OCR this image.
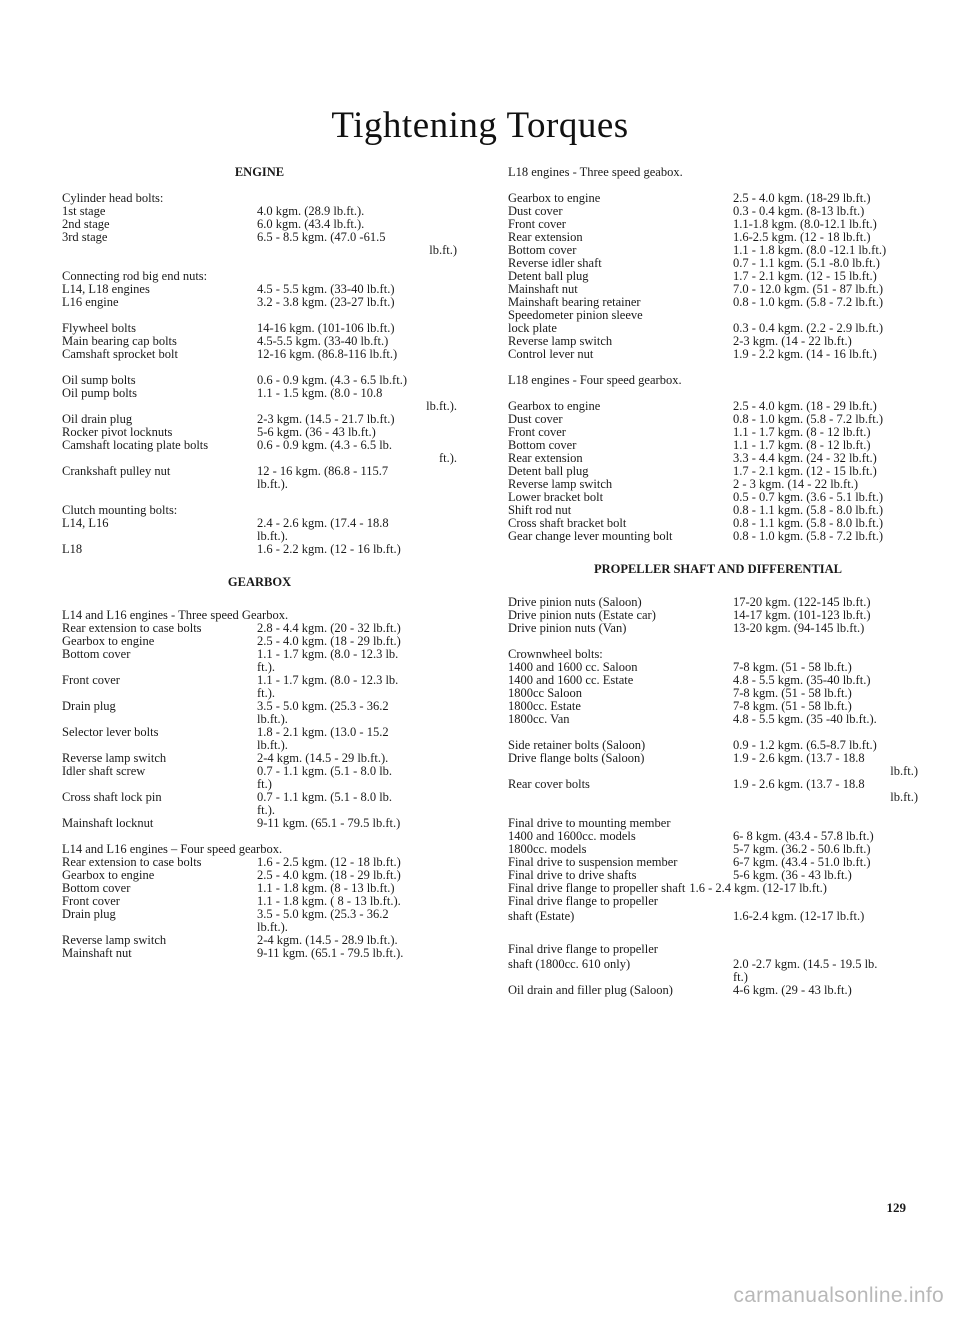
Tightening Torques
ENGINE
Cylinder head bolts:
1st stage	4.0 kgm. (28.9 lb.ft.).
2nd stage	6.0 kgm. (43.4 lb.ft.).
3rd stage	6.5 - 8.5 kgm. (47.0 -61.5
lb.ft.)
Connecting rod big end nuts:
L14, L18 engines	4.5 - 5.5 kgm. (33-40 lb.ft.)
L16 engine	3.2 - 3.8 kgm. (23-27 lb.ft.)
Flywheel bolts	14-16 kgm. (101-106 lb.ft.)
Main bearing cap bolts	4.5-5.5 kgm. (33-40 lb.ft.)
Camshaft sprocket bolt	12-16 kgm. (86.8-116 lb.ft.)
Oil sump bolts	0.6 - 0.9 kgm. (4.3 - 6.5 lb.ft.)
Oil pump bolts	1.1 - 1.5 kgm. (8.0 - 10.8
lb.ft.).
Oil drain plug	2-3 kgm. (14.5 - 21.7 lb.ft.)
Rocker pivot locknuts	5-6 kgm. (36 - 43 lb.ft.)
Camshaft locating plate bolts	0.6 - 0.9 kgm. (4.3 - 6.5 lb.
ft.).
Crankshaft pulley nut	12 - 16 kgm. (86.8 - 115.7
lb.ft.).
Clutch mounting bolts:
L14, L16	2.4 - 2.6 kgm. (17.4 - 18.8
lb.ft.).
L18	1.6 - 2.2 kgm. (12 - 16 lb.ft.)
GEARBOX
L14 and L16 engines - Three speed Gearbox.
Rear extension to case bolts	2.8 - 4.4 kgm. (20 - 32 lb.ft.)
Gearbox to engine	2.5 - 4.0 kgm. (18 - 29 lb.ft.)
Bottom cover	1.1 - 1.7 kgm. (8.0 - 12.3 lb.
ft.).
Front cover	1.1 - 1.7 kgm. (8.0 - 12.3 lb.
ft.).
Drain plug	3.5 - 5.0 kgm. (25.3 - 36.2
lb.ft.).
Selector lever bolts	1.8 - 2.1 kgm. (13.0 - 15.2
lb.ft.).
Reverse lamp switch	2-4 kgm. (14.5 - 29 lb.ft.).
Idler shaft screw	0.7 - 1.1 kgm. (5.1 - 8.0 lb.
ft.)
Cross shaft lock pin	0.7 - 1.1 kgm. (5.1 - 8.0 lb.
ft.).
Mainshaft locknut	9-11 kgm. (65.1 - 79.5 lb.ft.)
L14 and L16 engines – Four speed gearbox.
Rear extension to case bolts	1.6 - 2.5 kgm. (12 - 18 lb.ft.)
Gearbox to engine	2.5 - 4.0 kgm. (18 - 29 lb.ft.)
Bottom cover	1.1 - 1.8 kgm. (8 - 13 lb.ft.)
Front cover	1.1 - 1.8 kgm. ( 8 - 13 lb.ft.).
Drain plug	3.5 - 5.0 kgm. (25.3 - 36.2
lb.ft.).
Reverse lamp switch	2-4 kgm. (14.5 - 28.9 lb.ft.).
Mainshaft nut	9-11 kgm. (65.1 - 79.5 lb.ft.).
L18 engines - Three speed geabox.
Gearbox to engine	2.5 - 4.0 kgm. (18-29 lb.ft.)
Dust cover	0.3 - 0.4 kgm. (8-13 lb.ft.)
Front cover	1.1-1.8 kgm. (8.0-12.1 lb.ft.)
Rear extension	1.6-2.5 kgm. (12 - 18 lb.ft.)
Bottom cover	1.1 - 1.8 kgm. (8.0 -12.1 lb.ft.)
Reverse idler shaft	0.7 - 1.1 kgm. (5.1 -8.0 lb.ft.)
Detent ball plug	1.7 - 2.1 kgm. (12 - 15 lb.ft.)
Mainshaft nut	7.0 - 12.0 kgm. (51 - 87 lb.ft.)
Mainshaft bearing retainer	0.8 - 1.0 kgm. (5.8 - 7.2 lb.ft.)
Speedometer pinion sleeve
lock plate	0.3 - 0.4 kgm. (2.2 - 2.9 lb.ft.)
Reverse lamp switch	2-3 kgm. (14 - 22 lb.ft.)
Control lever nut	1.9 - 2.2 kgm. (14 - 16 lb.ft.)
L18 engines - Four speed gearbox.
Gearbox to engine	2.5 - 4.0 kgm. (18 - 29 lb.ft.)
Dust cover	0.8 - 1.0 kgm. (5.8 - 7.2 lb.ft.)
Front cover	1.1 - 1.7 kgm. (8 - 12 lb.ft.)
Bottom cover	1.1 - 1.7 kgm. (8 - 12 lb.ft.)
Rear extension	3.3 - 4.4 kgm. (24 - 32 lb.ft.)
Detent ball plug	1.7 - 2.1 kgm. (12 - 15 lb.ft.)
Reverse lamp switch	2 - 3 kgm. (14 - 22 lb.ft.)
Lower bracket bolt	0.5 - 0.7 kgm. (3.6 - 5.1 lb.ft.)
Shift rod nut	0.8 - 1.1 kgm. (5.8 - 8.0 lb.ft.)
Cross shaft bracket bolt	0.8 - 1.1 kgm. (5.8 - 8.0 lb.ft.)
Gear change lever mounting bolt	0.8 - 1.0 kgm. (5.8 - 7.2 lb.ft.)
PROPELLER SHAFT AND DIFFERENTIAL
Drive pinion nuts (Saloon)	17-20 kgm. (122-145 lb.ft.)
Drive pinion nuts (Estate car)	14-17 kgm. (101-123 lb.ft.)
Drive pinion nuts (Van)	13-20 kgm. (94-145 lb.ft.)
Crownwheel bolts:
1400 and 1600 cc. Saloon	7-8 kgm. (51 - 58 lb.ft.)
1400 and 1600 cc. Estate	4.8 - 5.5 kgm. (35-40 lb.ft.)
1800cc Saloon	7-8 kgm. (51 - 58 lb.ft.)
1800cc. Estate	7-8 kgm. (51 - 58 lb.ft.)
1800cc. Van	4.8 - 5.5 kgm. (35 -40 lb.ft.).
Side retainer bolts (Saloon)	0.9 - 1.2 kgm. (6.5-8.7 lb.ft.)
Drive flange bolts (Saloon)	1.9 - 2.6 kgm. (13.7 - 18.8
lb.ft.)
Rear cover bolts	1.9 - 2.6 kgm. (13.7 - 18.8
lb.ft.)
Final drive to mounting member
1400 and 1600cc. models	6- 8 kgm. (43.4 - 57.8 lb.ft.)
1800cc. models	5-7 kgm. (36.2 - 50.6 lb.ft.)
Final drive to suspension member	6-7 kgm. (43.4 - 51.0 lb.ft.)
Final drive to drive shafts	5-6 kgm. (36 - 43 lb.ft.)
Final drive flange to propeller shaft 1.6 - 2.4 kgm. (12-17 lb.ft.)
Final drive flange to propeller
shaft (Estate)	1.6-2.4 kgm. (12-17 lb.ft.)
Final drive flange to propeller
shaft (1800cc. 610 only)	2.0 -2.7 kgm. (14.5 - 19.5 lb.
ft.)
Oil drain and filler plug (Saloon)	4-6 kgm. (29 - 43 lb.ft.)
129
carmanualsonline.info
